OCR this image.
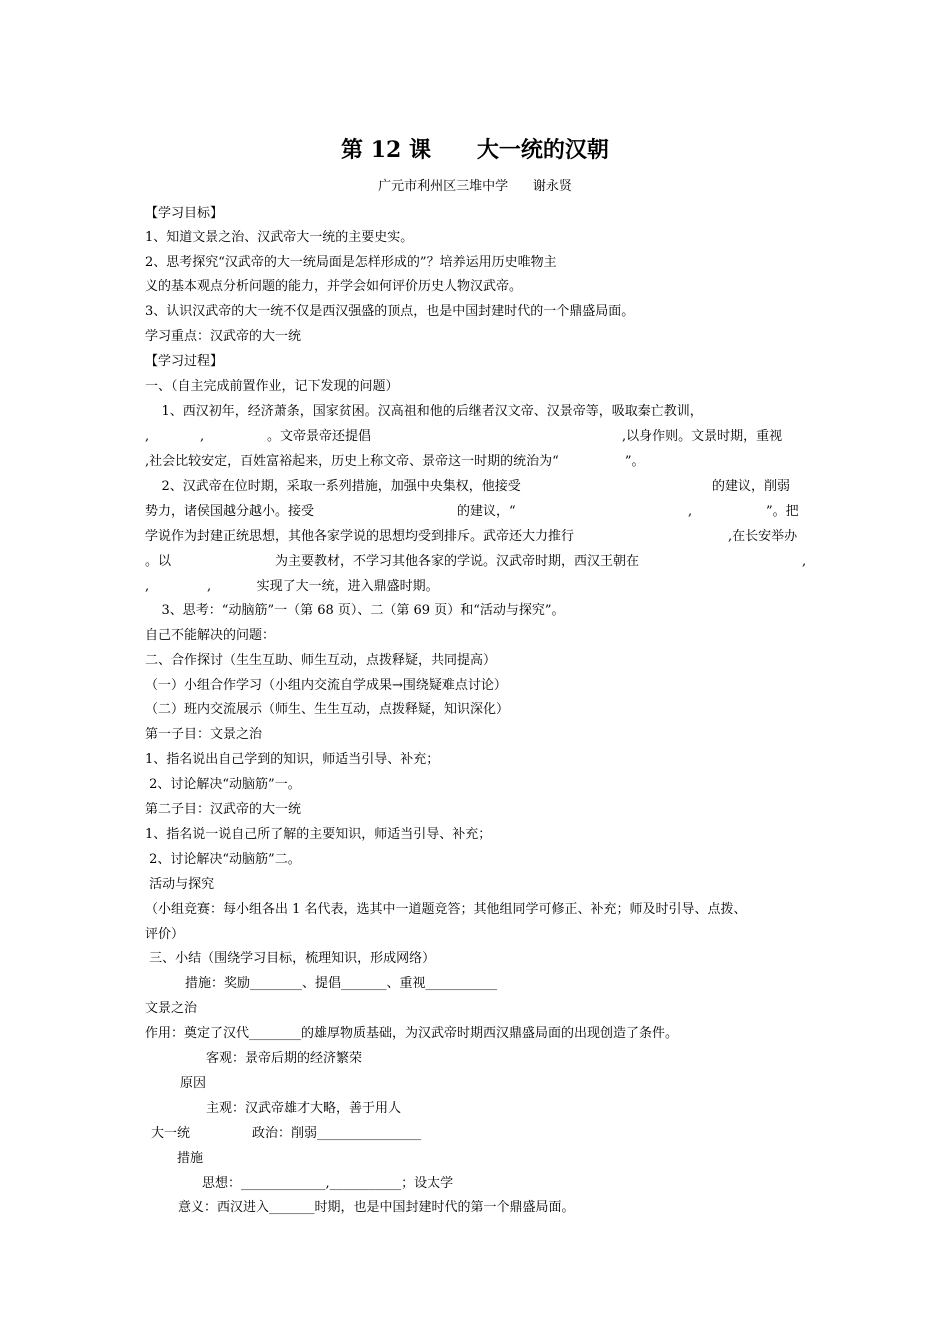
第 12 课      大一统的汉朝
广元市利州区三堆中学      谢永贤
【学习目标】
1、知道文景之治、汉武帝大一统的主要史实。
2、思考探究“汉武帝的大一统局面是怎样形成的”？培养运用历史唯物主
义的基本观点分析问题的能力，并学会如何评价历史人物汉武帝。
3、认识汉武帝的大一统不仅是西汉强盛的顶点，也是中国封建时代的一个鼎盛局面。
学习重点：汉武帝的大一统
【学习过程】
一、（自主完成前置作业，记下发现的问题）
1、西汉初年，经济萧条，国家贫困。汉高祖和他的后继者汉文帝、汉景帝等，吸取秦亡教训，
,	,	。文帝景帝还提倡	,以身作则。文景时期，重视
,社会比较安定，百姓富裕起来，历史上称文帝、景帝这一时期的统治为“                ”。
2、汉武帝在位时期，采取一系列措施，加强中央集权，他接受	的建议，削弱
势力，诸侯国越分越小。接受	的建议，“	,	”。把
学说作为封建正统思想，其他各家学说的思想均受到排斥。武帝还大力推行	,在长安举办
。以	为主要教材，不学习其他各家的学说。汉武帝时期，西汉王朝在	,
,              ,           实现了大一统，进入鼎盛时期。
3、思考：“动脑筋”一（第 68 页）、二（第 69 页）和“活动与探究”。
自己不能解决的问题：
二、合作探讨（生生互助、师生互动，点拨释疑，共同提高）
（一）小组合作学习（小组内交流自学成果→围绕疑难点讨论）
（二）班内交流展示（师生、生生互动，点拨释疑，知识深化）
第一子目：文景之治
1、指名说出自己学到的知识，师适当引导、补充；
2、讨论解决“动脑筋”一。
第二子目：汉武帝的大一统
1、指名说一说自己所了解的主要知识，师适当引导、补充；
2、讨论解决“动脑筋”二。
活动与探究
（小组竞赛：每小组各出 1 名代表，选其中一道题竞答；其他组同学可修正、补充；师及时引导、点拨、
评价）
三、小结（围绕学习目标，梳理知识，形成网络）
措施：奖励________、提倡_______、重视___________
文景之治
作用：奠定了汉代________的雄厚物质基础，为汉武帝时期西汉鼎盛局面的出现创造了条件。
客观：景帝后期的经济繁荣
原因
主观：汉武帝雄才大略，善于用人
大一统	政治：削弱________________
措施
思想：_____________,___________；设太学
意义：西汉进入_______时期，也是中国封建时代的第一个鼎盛局面。
